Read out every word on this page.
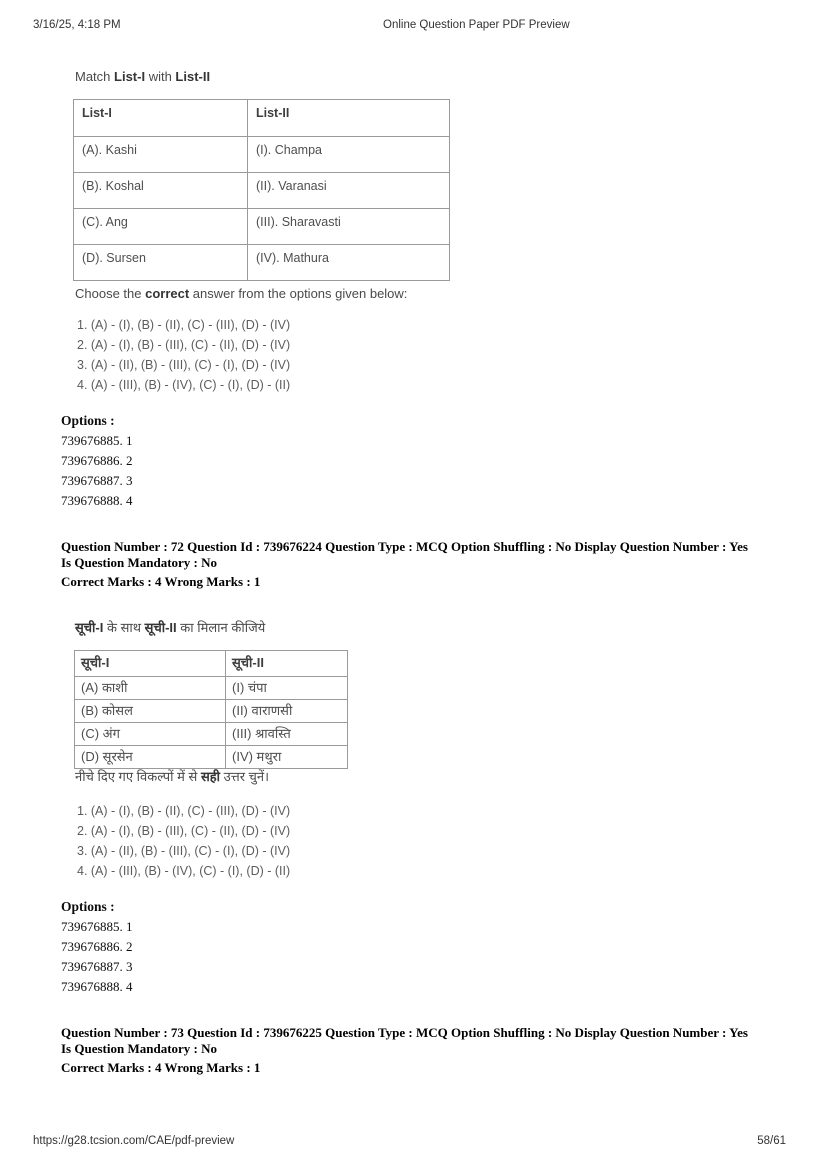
3/16/25, 4:18 PM	Online Question Paper PDF Preview
Match List-I with List-II
List-I	List-II
(A). Kashi	(I). Champa
(B). Koshal	(II). Varanasi
(C). Ang	(III). Sharavasti
(D). Sursen	(IV). Mathura
Choose the correct answer from the options given below:
1. (A) - (I), (B) - (II), (C) - (III), (D) - (IV)
2. (A) - (I), (B) - (III), (C) - (II), (D) - (IV)
3. (A) - (II), (B) - (III), (C) - (I), (D) - (IV)
4. (A) - (III), (B) - (IV), (C) - (I), (D) - (II)
Options :
739676885. 1
739676886. 2
739676887. 3
739676888. 4
Question Number : 72 Question Id : 739676224 Question Type : MCQ Option Shuffling : No Display Question Number : Yes
Is Question Mandatory : No
Correct Marks : 4 Wrong Marks : 1
सूची-I के साथ सूची-II का मिलान कीजिये
सूची-I	सूची-II
(A) काशी	(I) चंपा
(B) कोसल	(II) वाराणसी
(C) अंग	(III) श्रावस्ति
(D) सूरसेन	(IV) मथुरा
नीचे दिए गए विकल्पों में से सही उत्तर चुनें।
1. (A) - (I), (B) - (II), (C) - (III), (D) - (IV)
2. (A) - (I), (B) - (III), (C) - (II), (D) - (IV)
3. (A) - (II), (B) - (III), (C) - (I), (D) - (IV)
4. (A) - (III), (B) - (IV), (C) - (I), (D) - (II)
Options :
739676885. 1
739676886. 2
739676887. 3
739676888. 4
Question Number : 73 Question Id : 739676225 Question Type : MCQ Option Shuffling : No Display Question Number : Yes
Is Question Mandatory : No
Correct Marks : 4 Wrong Marks : 1
https://g28.tcsion.com/CAE/pdf-preview	58/61
